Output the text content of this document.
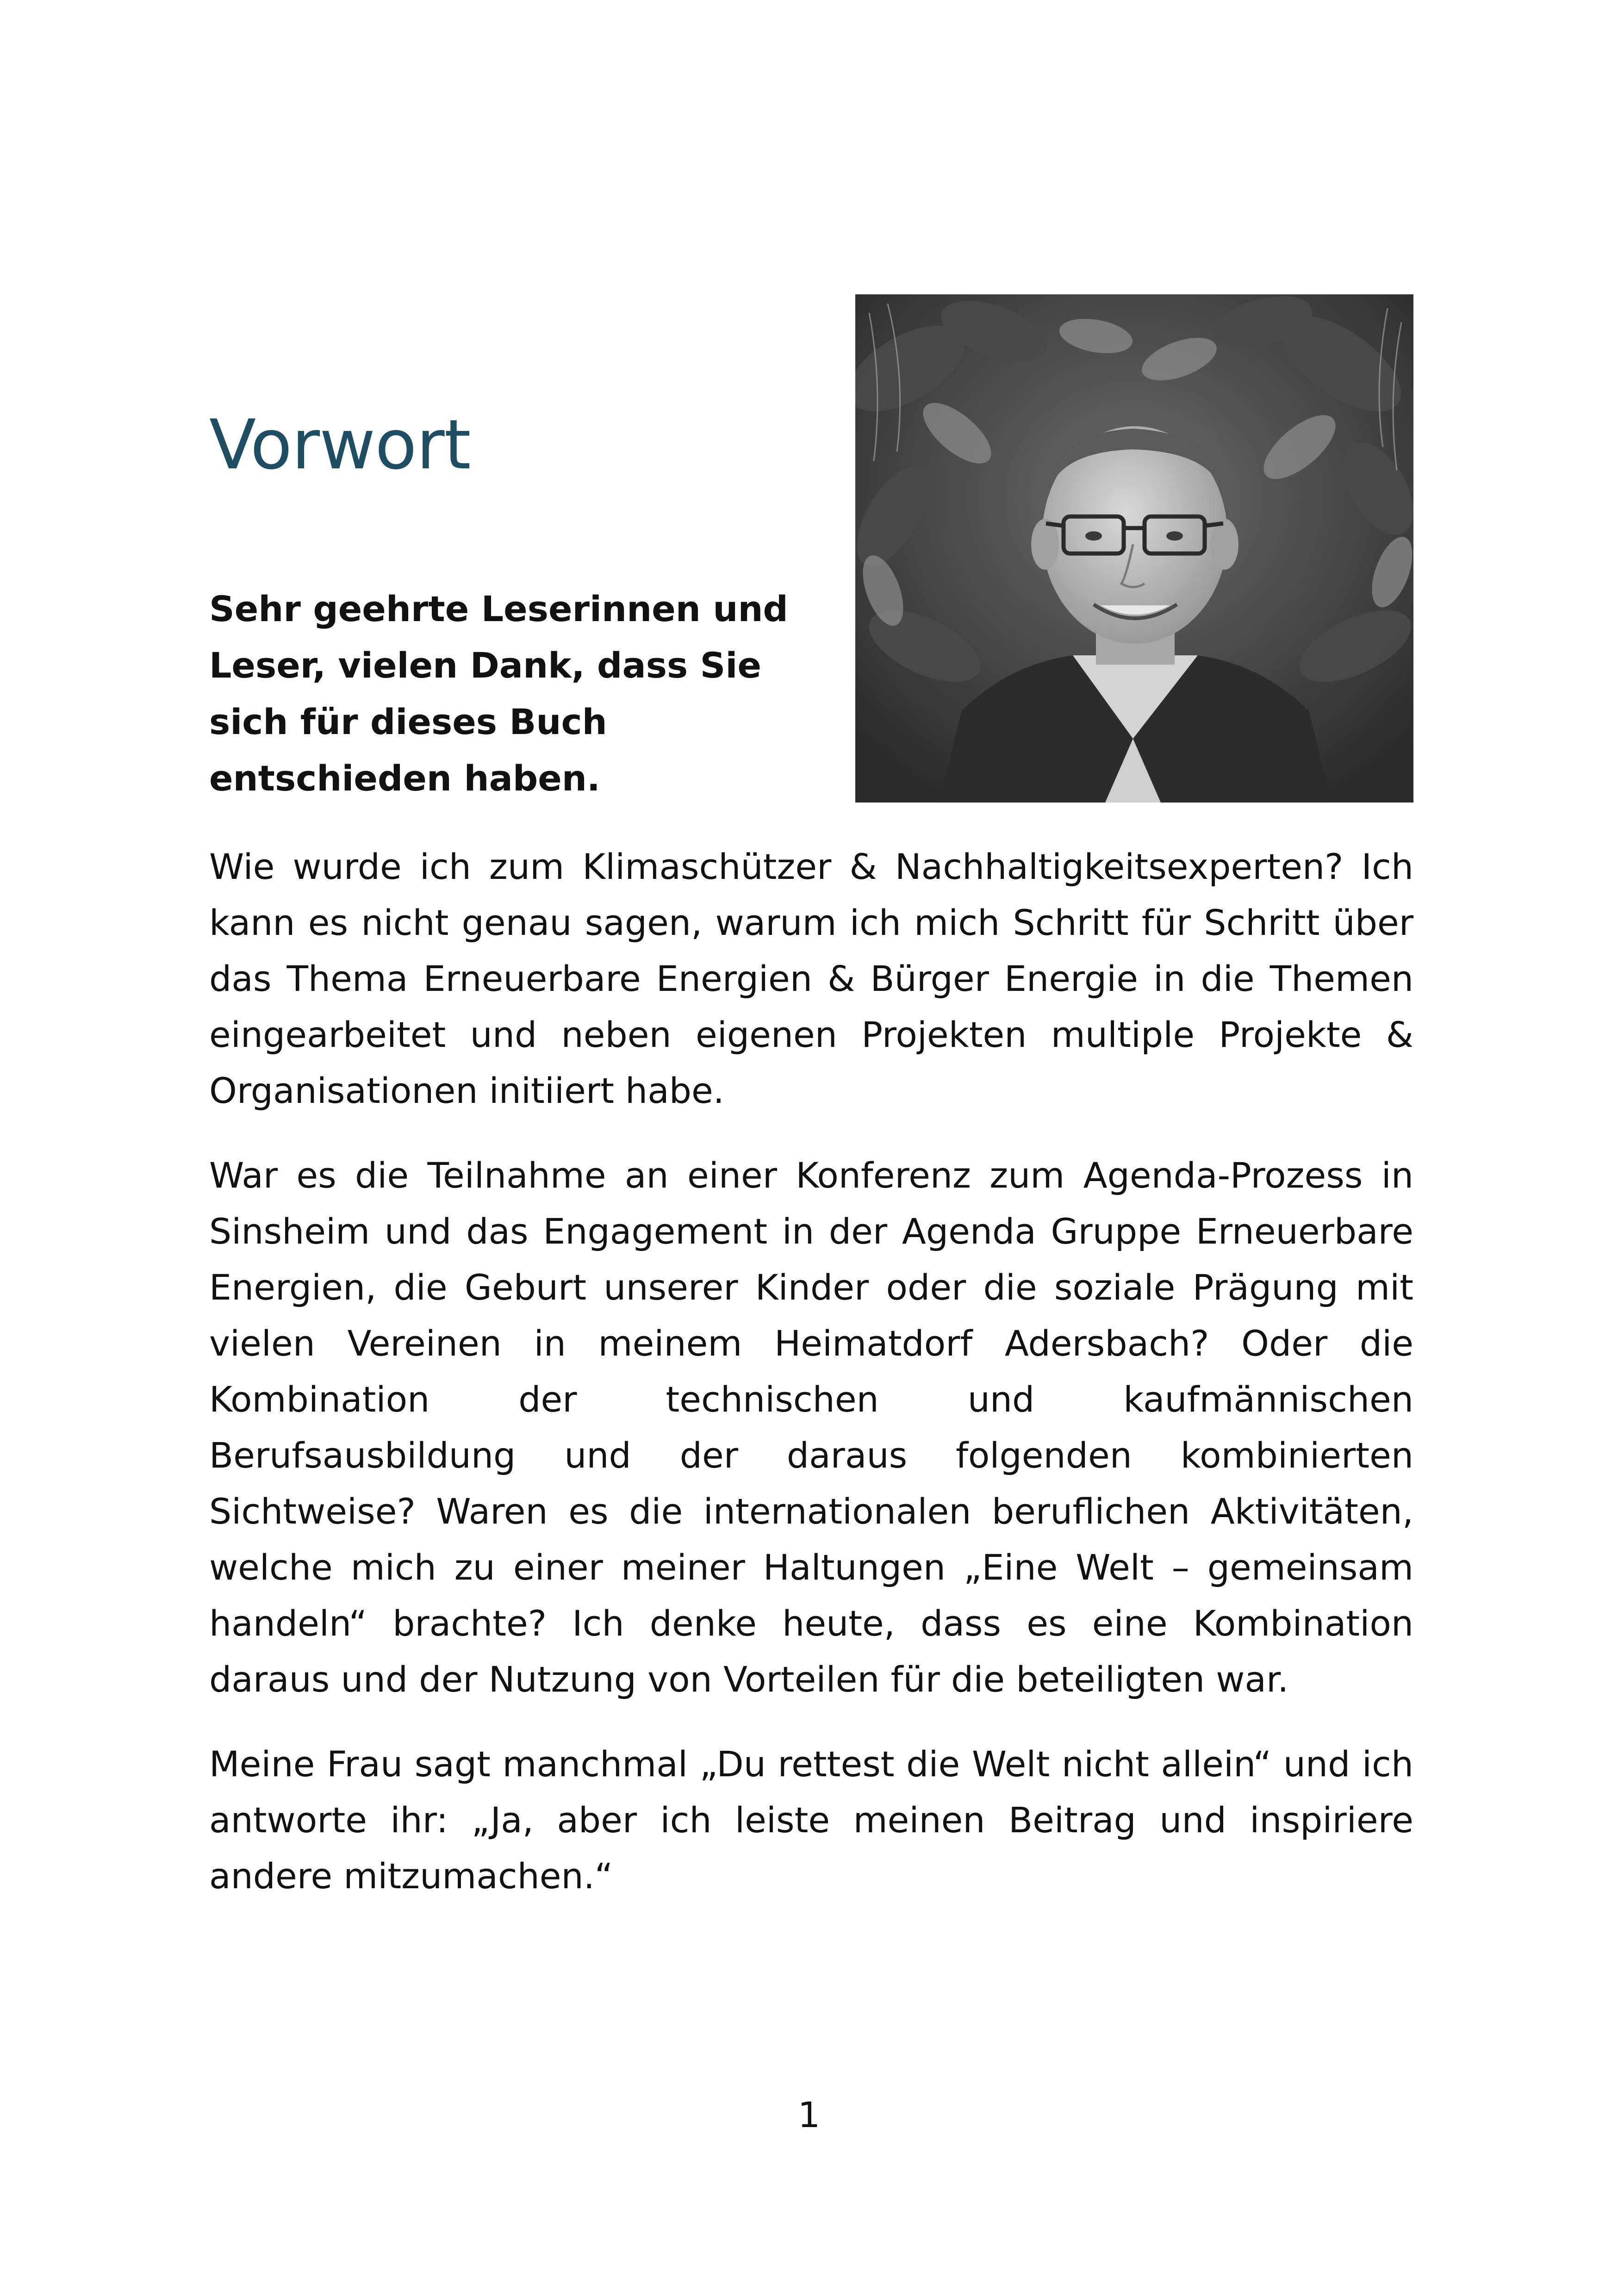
Vorwort

Sehr geehrte Leserinnen und Leser, vielen Dank, dass Sie sich für dieses Buch entschieden haben.

Wie wurde ich zum Klimaschützer & Nachhaltigkeitsexperten? Ich kann es nicht genau sagen, warum ich mich Schritt für Schritt über das Thema Erneuerbare Energien & Bürger Energie in die Themen eingearbeitet und neben eigenen Projekten multiple Projekte & Organisationen initiiert habe.

War es die Teilnahme an einer Konferenz zum Agenda-Prozess in Sinsheim und das Engagement in der Agenda Gruppe Erneuerbare Energien, die Geburt unserer Kinder oder die soziale Prägung mit vielen Vereinen in meinem Heimatdorf Adersbach? Oder die Kombination der technischen und kaufmännischen Berufsausbildung und der daraus folgenden kombinierten Sichtweise? Waren es die internationalen beruflichen Aktivitäten, welche mich zu einer meiner Haltungen „Eine Welt – gemeinsam handeln“ brachte? Ich denke heute, dass es eine Kombination daraus und der Nutzung von Vorteilen für die beteiligten war.

Meine Frau sagt manchmal „Du rettest die Welt nicht allein“ und ich antworte ihr: „Ja, aber ich leiste meinen Beitrag und inspiriere andere mitzumachen.“

1
